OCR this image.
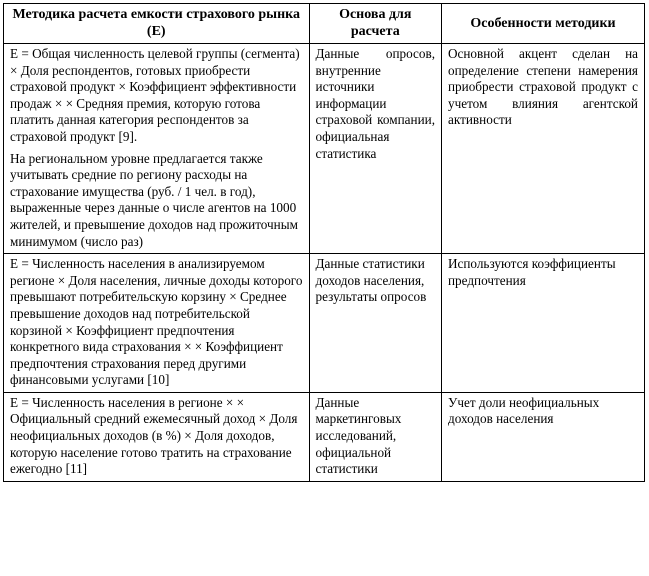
Методика расчета емкости страхового рынка (Е)	Основа для расчета	Особенности методики

Е = Общая численность целевой группы (сегмента) × Доля респондентов, готовых приобрести страховой продукт × Коэффициент эффективности продаж × × Средняя премия, которую готова платить данная категория респондентов за страховой продукт [9].

На региональном уровне предлагается также учитывать средние по региону расходы на страхование имущества (руб. / 1 чел. в год), выраженные через данные о числе агентов на 1000 жителей, и превышение доходов над прожиточным минимумом (число раз)	Данные опросов, внутренние источники информации страховой компании, официальная статистика	Основной акцент сделан на определение степени намерения приобрести страховой продукт с учетом влияния агентской активности

Е = Численность населения в анализируемом регионе × Доля населения, личные доходы которого превышают потребительскую корзину × Среднее превышение доходов над потребительской корзиной × Коэффициент предпочтения конкретного вида страхования × × Коэффициент предпочтения страхования перед другими финансовыми услугами [10]	Данные статистики доходов населения, результаты опросов	Используются коэффициенты предпочтения

Е = Численность населения в регионе × × Официальный средний ежемесячный доход × Доля неофициальных доходов (в %) × Доля доходов, которую население готово тратить на страхование ежегодно [11]	Данные маркетинговых исследований, официальной статистики	Учет доли неофициальных доходов населения
